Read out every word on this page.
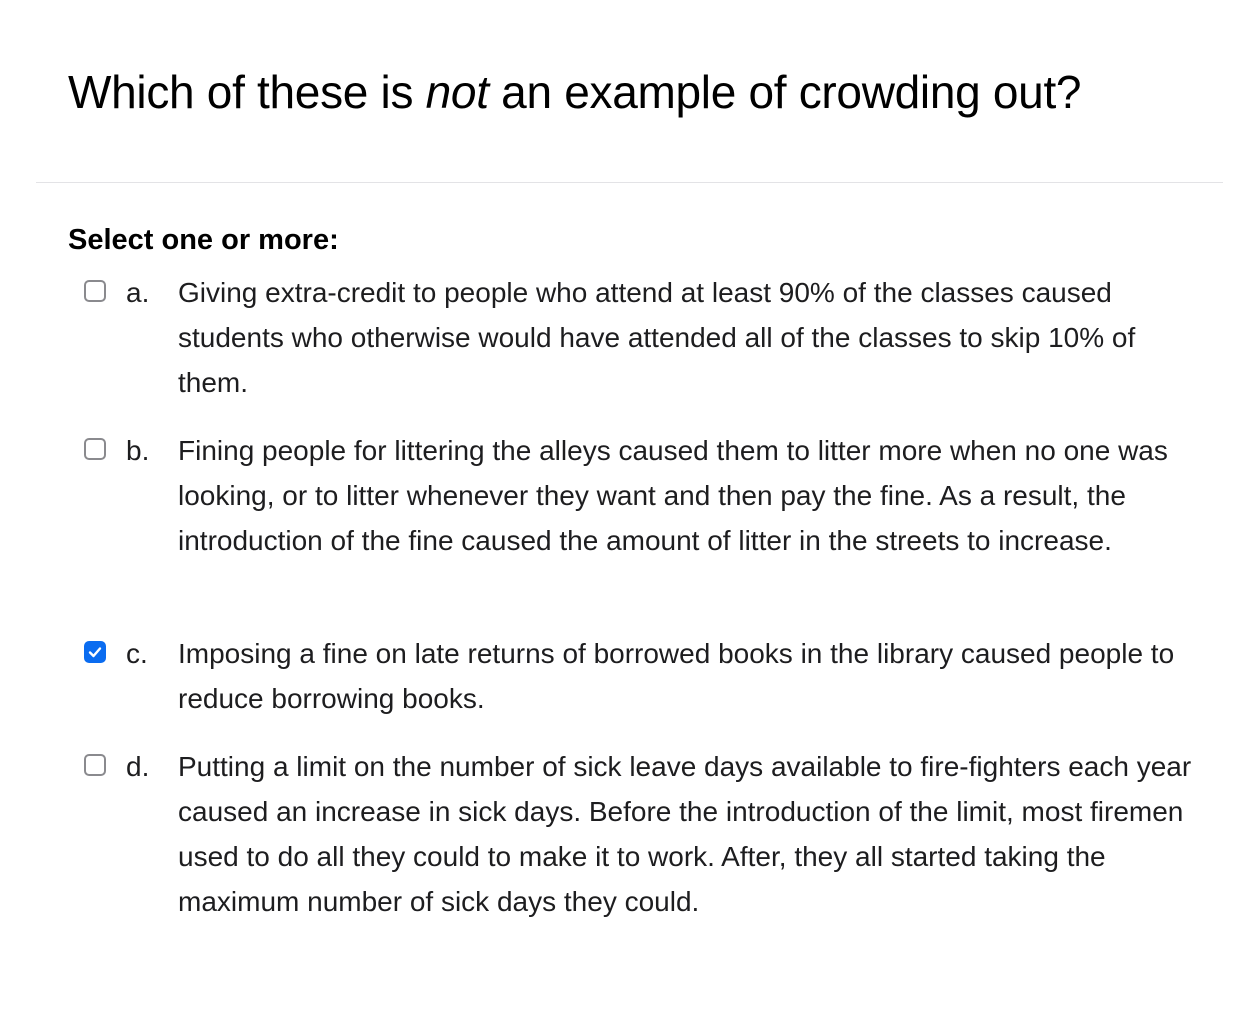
Which of these is not an example of crowding out?
Select one or more:
a.	Giving extra-credit to people who attend at least 90% of the classes caused students who otherwise would have attended all of the classes to skip 10% of them.
b.	Fining people for littering the alleys caused them to litter more when no one was looking, or to litter whenever they want and then pay the fine. As a result, the introduction of the fine caused the amount of litter in the streets to increase.
c.	Imposing a fine on late returns of borrowed books in the library caused people to reduce borrowing books.
d.	Putting a limit on the number of sick leave days available to fire-fighters each year caused an increase in sick days. Before the introduction of the limit, most firemen used to do all they could to make it to work. After, they all started taking the maximum number of sick days they could.
